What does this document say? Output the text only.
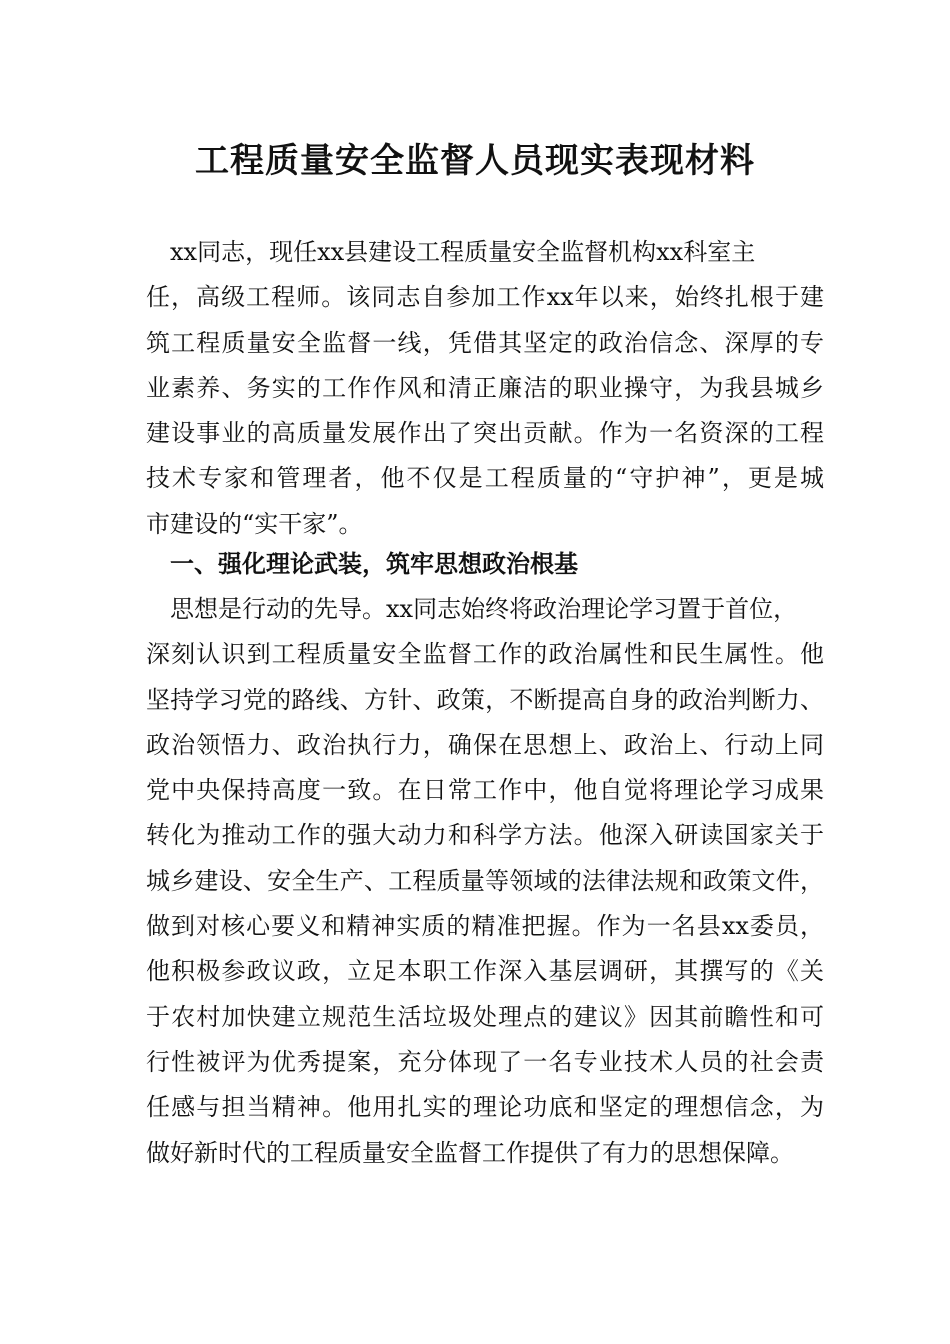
工程质量安全监督人员现实表现材料
xx同志，现任xx县建设工程质量安全监督机构xx科室主
任，高级工程师。该同志自参加工作xx年以来，始终扎根于建
筑工程质量安全监督一线，凭借其坚定的政治信念、深厚的专
业素养、务实的工作作风和清正廉洁的职业操守，为我县城乡
建设事业的高质量发展作出了突出贡献。作为一名资深的工程
技术专家和管理者，他不仅是工程质量的“守护神”，更是城
市建设的“实干家”。
一、强化理论武装，筑牢思想政治根基
思想是行动的先导。xx同志始终将政治理论学习置于首位，
深刻认识到工程质量安全监督工作的政治属性和民生属性。他
坚持学习党的路线、方针、政策，不断提高自身的政治判断力、
政治领悟力、政治执行力，确保在思想上、政治上、行动上同
党中央保持高度一致。在日常工作中，他自觉将理论学习成果
转化为推动工作的强大动力和科学方法。他深入研读国家关于
城乡建设、安全生产、工程质量等领域的法律法规和政策文件，
做到对核心要义和精神实质的精准把握。作为一名县xx委员，
他积极参政议政，立足本职工作深入基层调研，其撰写的《关
于农村加快建立规范生活垃圾处理点的建议》因其前瞻性和可
行性被评为优秀提案，充分体现了一名专业技术人员的社会责
任感与担当精神。他用扎实的理论功底和坚定的理想信念，为
做好新时代的工程质量安全监督工作提供了有力的思想保障。
